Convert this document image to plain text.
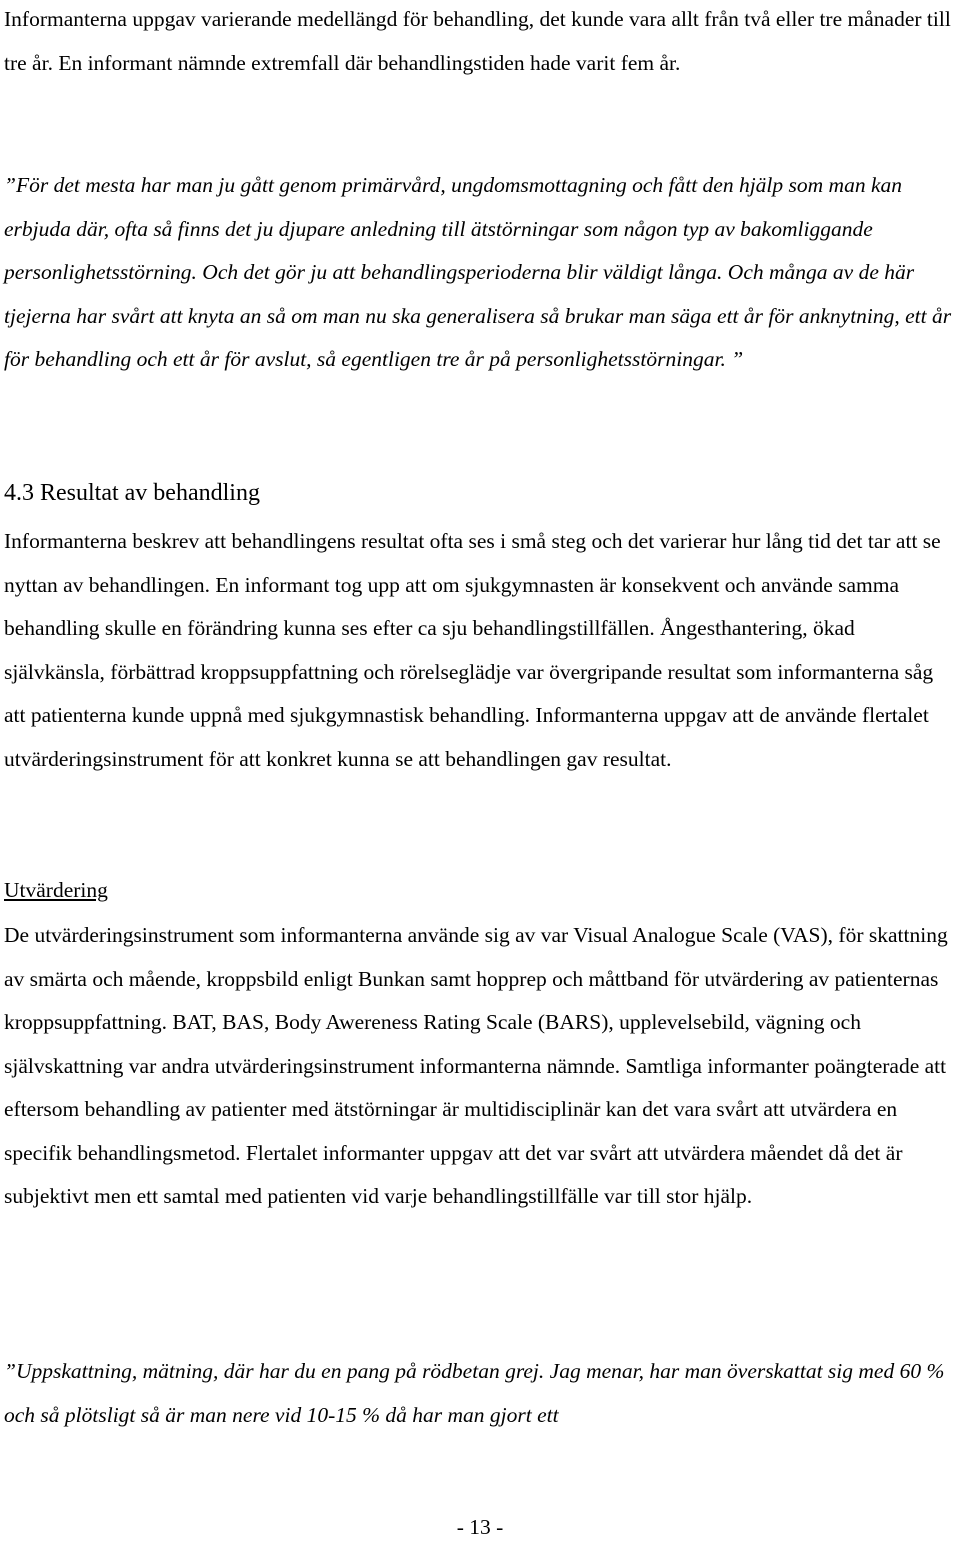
Informanterna uppgav varierande medellängd för behandling, det kunde vara allt från två eller tre månader till tre år. En informant nämnde extremfall där behandlingstiden hade varit fem år.

”För det mesta har man ju gått genom primärvård, ungdomsmottagning och fått den hjälp som man kan erbjuda där, ofta så finns det ju djupare anledning till ätstörningar som någon typ av bakomliggande personlighetsstörning. Och det gör ju att behandlingsperioderna blir väldigt långa. Och många av de här tjejerna har svårt att knyta an så om man nu ska generalisera så brukar man säga ett år för anknytning, ett år för behandling och ett år för avslut, så egentligen tre år på personlighetsstörningar. ”

4.3 Resultat av behandling

Informanterna beskrev att behandlingens resultat ofta ses i små steg och det varierar hur lång tid det tar att se nyttan av behandlingen. En informant tog upp att om sjukgymnasten är konsekvent och använde samma behandling skulle en förändring kunna ses efter ca sju behandlingstillfällen. Ångesthantering, ökad självkänsla, förbättrad kroppsuppfattning och rörelseglädje var övergripande resultat som informanterna såg att patienterna kunde uppnå med sjukgymnastisk behandling. Informanterna uppgav att de använde flertalet utvärderingsinstrument för att konkret kunna se att behandlingen gav resultat.

Utvärdering

De utvärderingsinstrument som informanterna använde sig av var Visual Analogue Scale (VAS), för skattning av smärta och mående, kroppsbild enligt Bunkan samt hopprep och måttband för utvärdering av patienternas kroppsuppfattning. BAT, BAS, Body Awereness Rating Scale (BARS), upplevelsebild, vägning och självskattning var andra utvärderingsinstrument informanterna nämnde. Samtliga informanter poängterade att eftersom behandling av patienter med ätstörningar är multidisciplinär kan det vara svårt att utvärdera en specifik behandlingsmetod. Flertalet informanter uppgav att det var svårt att utvärdera måendet då det är subjektivt men ett samtal med patienten vid varje behandlingstillfälle var till stor hjälp.

”Uppskattning, mätning, där har du en pang på rödbetan grej. Jag menar, har man överskattat sig med 60 % och så plötsligt så är man nere vid 10-15 % då har man gjort ett

- 13 -
